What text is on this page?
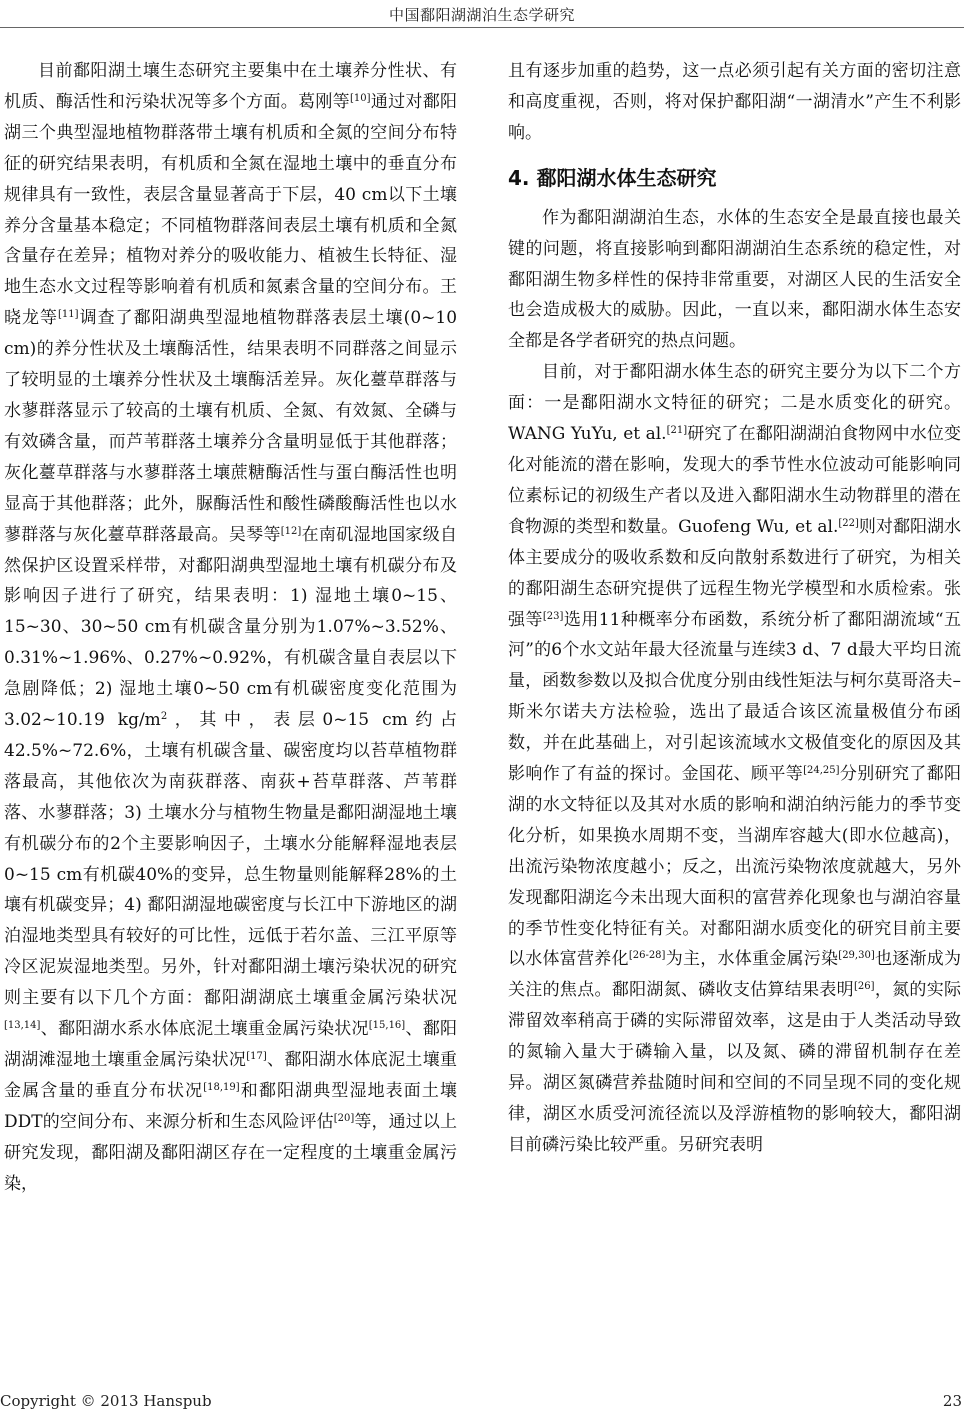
中国鄱阳湖湖泊生态学研究

目前鄱阳湖土壤生态研究主要集中在土壤养分性状、有机质、酶活性和污染状况等多个方面。葛刚等[10]通过对鄱阳湖三个典型湿地植物群落带土壤有机质和全氮的空间分布特征的研究结果表明，有机质和全氮在湿地土壤中的垂直分布规律具有一致性，表层含量显著高于下层，40 cm以下土壤养分含量基本稳定；不同植物群落间表层土壤有机质和全氮含量存在差异；植物对养分的吸收能力、植被生长特征、湿地生态水文过程等影响着有机质和氮素含量的空间分布。王晓龙等[11]调查了鄱阳湖典型湿地植物群落表层土壤(0~10 cm)的养分性状及土壤酶活性，结果表明不同群落之间显示了较明显的土壤养分性状及土壤酶活差异。灰化薹草群落与水蓼群落显示了较高的土壤有机质、全氮、有效氮、全磷与有效磷含量，而芦苇群落土壤养分含量明显低于其他群落；灰化薹草群落与水蓼群落土壤蔗糖酶活性与蛋白酶活性也明显高于其他群落；此外，脲酶活性和酸性磷酸酶活性也以水蓼群落与灰化薹草群落最高。吴琴等[12]在南矶湿地国家级自然保护区设置采样带，对鄱阳湖典型湿地土壤有机碳分布及影响因子进行了研究，结果表明：1) 湿地土壤0~15、15~30、30~50 cm有机碳含量分别为1.07%~3.52%、0.31%~1.96%、0.27%~0.92%，有机碳含量自表层以下急剧降低；2) 湿地土壤0~50 cm有机碳密度变化范围为3.02~10.19 $kg/m^2$，其中，表层0~15 cm约占42.5%~72.6%，土壤有机碳含量、碳密度均以苔草植物群落最高，其他依次为南荻群落、南荻+苔草群落、芦苇群落、水蓼群落；3) 土壤水分与植物生物量是鄱阳湖湿地土壤有机碳分布的2个主要影响因子，土壤水分能解释湿地表层0~15 cm有机碳40%的变异，总生物量则能解释28%的土壤有机碳变异；4) 鄱阳湖湿地碳密度与长江中下游地区的湖泊湿地类型具有较好的可比性，远低于若尔盖、三江平原等冷区泥炭湿地类型。另外，针对鄱阳湖土壤污染状况的研究则主要有以下几个方面：鄱阳湖湖底土壤重金属污染状况[13,14]、鄱阳湖水系水体底泥土壤重金属污染状况[15,16]、鄱阳湖湖滩湿地土壤重金属污染状况[17]、鄱阳湖水体底泥土壤重金属含量的垂直分布状况[18,19]和鄱阳湖典型湿地表面土壤DDT的空间分布、来源分析和生态风险评估[20]等，通过以上研究发现，鄱阳湖及鄱阳湖区存在一定程度的土壤重金属污染，

且有逐步加重的趋势，这一点必须引起有关方面的密切注意和高度重视，否则，将对保护鄱阳湖“一湖清水”产生不利影响。

4. 鄱阳湖水体生态研究

作为鄱阳湖湖泊生态，水体的生态安全是最直接也最关键的问题，将直接影响到鄱阳湖湖泊生态系统的稳定性，对鄱阳湖生物多样性的保持非常重要，对湖区人民的生活安全也会造成极大的威胁。因此，一直以来，鄱阳湖水体生态安全都是各学者研究的热点问题。

目前，对于鄱阳湖水体生态的研究主要分为以下二个方面：一是鄱阳湖水文特征的研究；二是水质变化的研究。WANG YuYu, et al.[21]研究了在鄱阳湖湖泊食物网中水位变化对能流的潜在影响，发现大的季节性水位波动可能影响同位素标记的初级生产者以及进入鄱阳湖水生动物群里的潜在食物源的类型和数量。Guofeng Wu, et al.[22]则对鄱阳湖水体主要成分的吸收系数和反向散射系数进行了研究，为相关的鄱阳湖生态研究提供了远程生物光学模型和水质检索。张强等[23]选用11种概率分布函数，系统分析了鄱阳湖流域“五河”的6个水文站年最大径流量与连续3 d、7 d最大平均日流量，函数参数以及拟合优度分别由线性矩法与柯尔莫哥洛夫–斯米尔诺夫方法检验，选出了最适合该区流量极值分布函数，并在此基础上，对引起该流域水文极值变化的原因及其影响作了有益的探讨。金国花、顾平等[24,25]分别研究了鄱阳湖的水文特征以及其对水质的影响和湖泊纳污能力的季节变化分析，如果换水周期不变，当湖库容越大(即水位越高)，出流污染物浓度越小；反之，出流污染物浓度就越大，另外发现鄱阳湖迄今未出现大面积的富营养化现象也与湖泊容量的季节性变化特征有关。对鄱阳湖水质变化的研究目前主要以水体富营养化[26-28]为主，水体重金属污染[29,30]也逐渐成为关注的焦点。鄱阳湖氮、磷收支估算结果表明[26]，氮的实际滞留效率稍高于磷的实际滞留效率，这是由于人类活动导致的氮输入量大于磷输入量，以及氮、磷的滞留机制存在差异。湖区氮磷营养盐随时间和空间的不同呈现不同的变化规律，湖区水质受河流径流以及浮游植物的影响较大，鄱阳湖目前磷污染比较严重。另研究表明

Copyright © 2013 Hanspub	23
